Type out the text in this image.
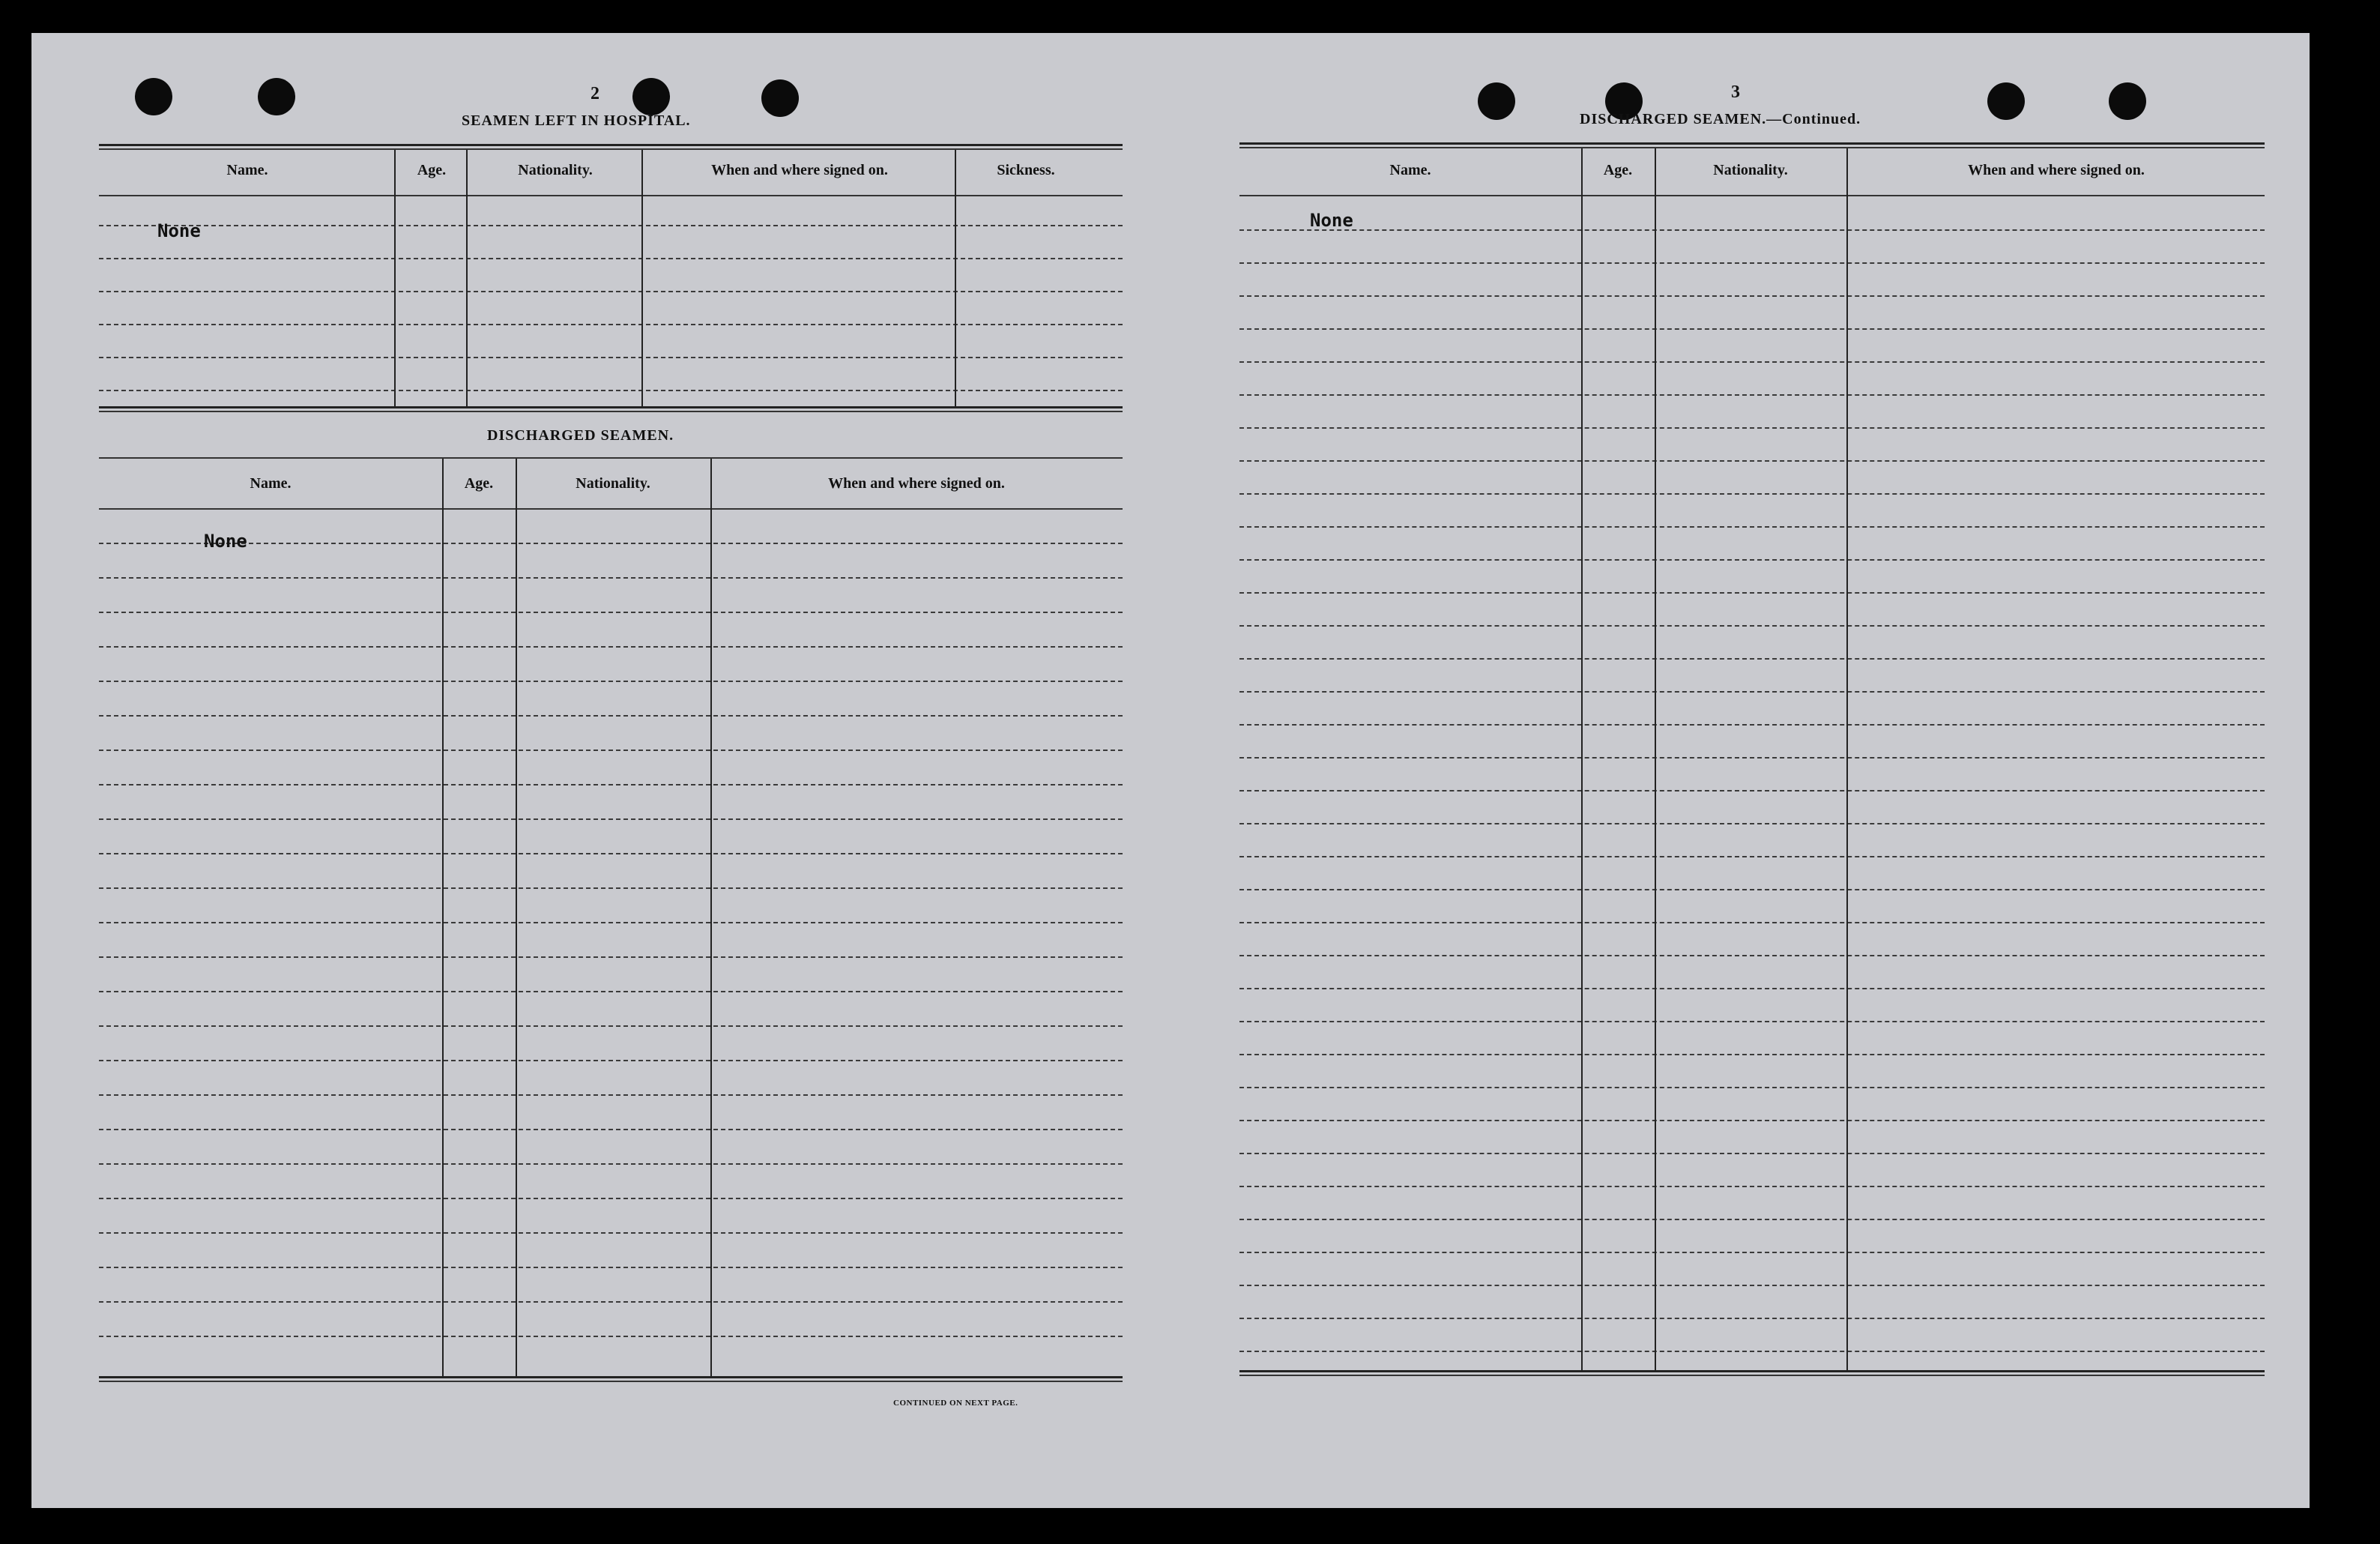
2
SEAMEN LEFT IN HOSPITAL.
Name.	Age.	Nationality.	When and where signed on.	Sickness.
None
DISCHARGED SEAMEN.
Name.	Age.	Nationality.	When and where signed on.
None
CONTINUED ON NEXT PAGE.
3
DISCHARGED SEAMEN.—Continued.
Name.	Age.	Nationality.	When and where signed on.
None
